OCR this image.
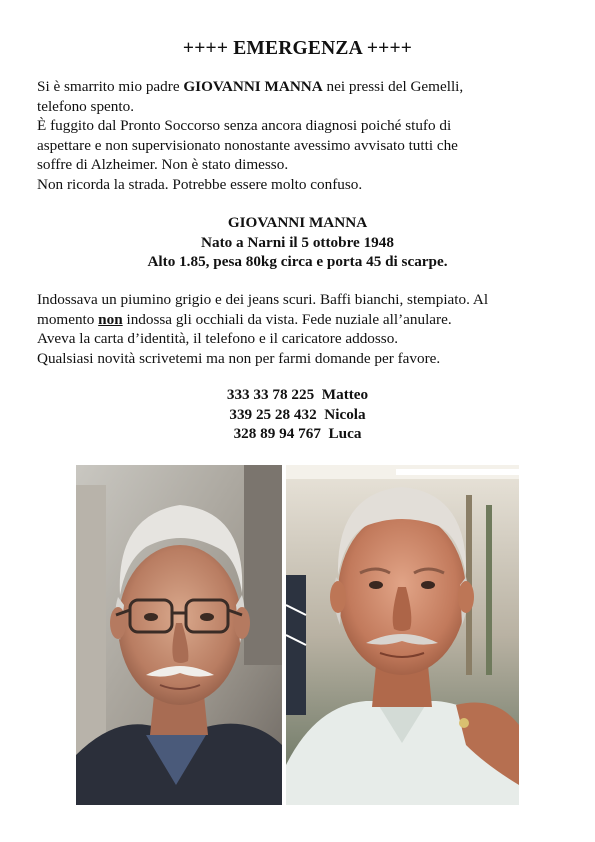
++++ EMERGENZA ++++
Si è smarrito mio padre GIOVANNI MANNA nei pressi del Gemelli,
telefono spento.
È fuggito dal Pronto Soccorso senza ancora diagnosi poiché stufo di
aspettare e non supervisionato nonostante avessimo avvisato tutti che
soffre di Alzheimer. Non è stato dimesso.
Non ricorda la strada. Potrebbe essere molto confuso.
GIOVANNI MANNA
Nato a Narni il 5 ottobre 1948
Alto 1.85, pesa 80kg circa e porta 45 di scarpe.
Indossava un piumino grigio e dei jeans scuri. Baffi bianchi, stempiato. Al
momento non indossa gli occhiali da vista. Fede nuziale all’anulare.
Aveva la carta d’identità, il telefono e il caricatore addosso.
Qualsiasi novità scrivetemi ma non per farmi domande per favore.
333 33 78 225 Matteo
339 25 28 432 Nicola
328 89 94 767 Luca
